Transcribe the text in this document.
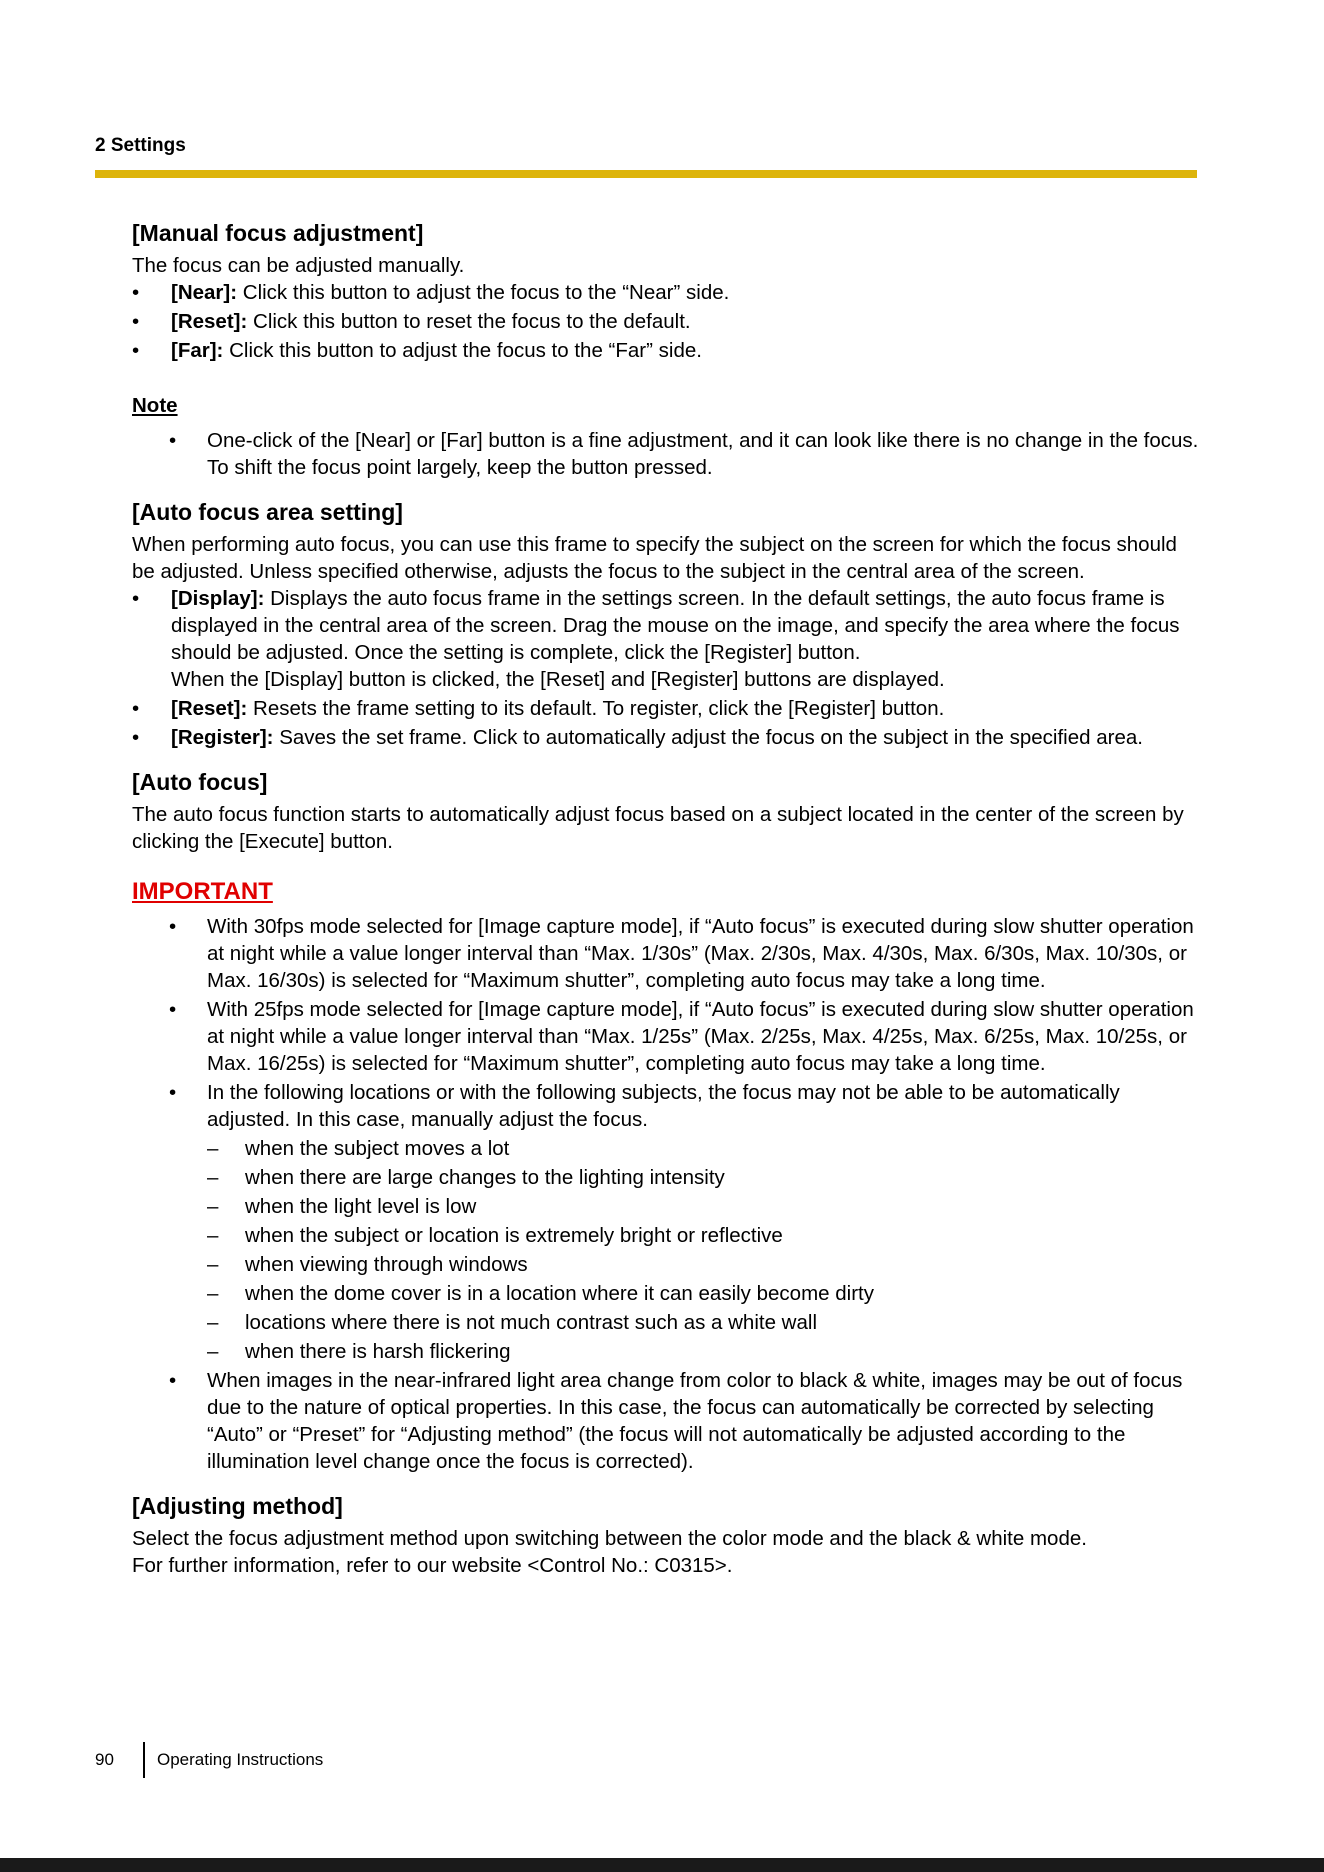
2 Settings
[Manual focus adjustment]

The focus can be adjusted manually.

• [Near]: Click this button to adjust the focus to the “Near” side.
• [Reset]: Click this button to reset the focus to the default.
• [Far]: Click this button to adjust the focus to the “Far” side.
Note
• One-click of the [Near] or [Far] button is a fine adjustment, and it can look like there is no change in the focus. To shift the focus point largely, keep the button pressed.
[Auto focus area setting]

When performing auto focus, you can use this frame to specify the subject on the screen for which the focus should be adjusted. Unless specified otherwise, adjusts the focus to the subject in the central area of the screen.

• [Display]: Displays the auto focus frame in the settings screen. In the default settings, the auto focus frame is displayed in the central area of the screen. Drag the mouse on the image, and specify the area where the focus should be adjusted. Once the setting is complete, click the [Register] button.
When the [Display] button is clicked, the [Reset] and [Register] buttons are displayed.
• [Reset]: Resets the frame setting to its default. To register, click the [Register] button.
• [Register]: Saves the set frame. Click to automatically adjust the focus on the subject in the specified area.
[Auto focus]

The auto focus function starts to automatically adjust focus based on a subject located in the center of the screen by clicking the [Execute] button.

IMPORTANT
• With 30fps mode selected for [Image capture mode], if “Auto focus” is executed during slow shutter operation at night while a value longer interval than “Max. 1/30s” (Max. 2/30s, Max. 4/30s, Max. 6/30s, Max. 10/30s, or Max. 16/30s) is selected for “Maximum shutter”, completing auto focus may take a long time.
• With 25fps mode selected for [Image capture mode], if “Auto focus” is executed during slow shutter operation at night while a value longer interval than “Max. 1/25s” (Max. 2/25s, Max. 4/25s, Max. 6/25s, Max. 10/25s, or Max. 16/25s) is selected for “Maximum shutter”, completing auto focus may take a long time.
• In the following locations or with the following subjects, the focus may not be able to be automatically adjusted. In this case, manually adjust the focus.
– when the subject moves a lot
– when there are large changes to the lighting intensity
– when the light level is low
– when the subject or location is extremely bright or reflective
– when viewing through windows
– when the dome cover is in a location where it can easily become dirty
– locations where there is not much contrast such as a white wall
– when there is harsh flickering
• When images in the near-infrared light area change from color to black & white, images may be out of focus due to the nature of optical properties. In this case, the focus can automatically be corrected by selecting “Auto” or “Preset” for “Adjusting method” (the focus will not automatically be adjusted according to the illumination level change once the focus is corrected).
[Adjusting method]

Select the focus adjustment method upon switching between the color mode and the black & white mode.

For further information, refer to our website <Control No.: C0315>.

90	Operating Instructions
